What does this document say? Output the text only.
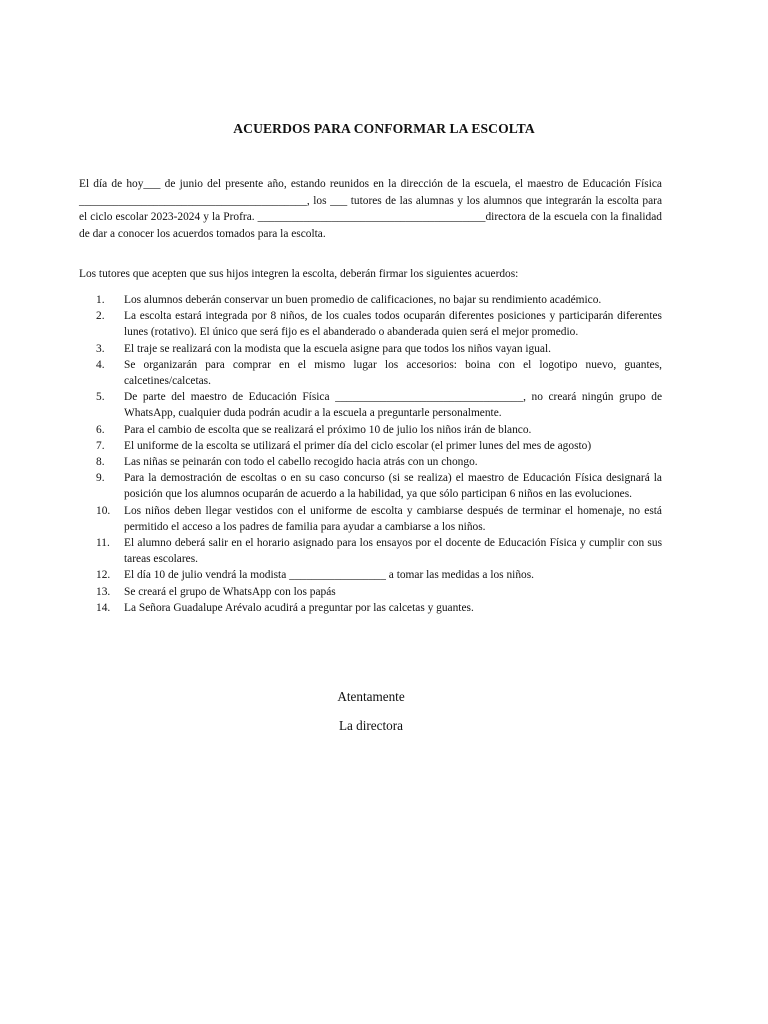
ACUERDOS PARA CONFORMAR LA ESCOLTA

El día de hoy___ de junio del presente año, estando reunidos en la dirección de la escuela, el maestro de Educación Física ________________________________________, los ___ tutores de las alumnas y los alumnos que integrarán la escolta para el ciclo escolar 2023-2024 y la Profra. ________________________________________directora de la escuela con la finalidad de dar a conocer los acuerdos tomados para la escolta.

Los tutores que acepten que sus hijos integren la escolta, deberán firmar los siguientes acuerdos:
1.	Los alumnos deberán conservar un buen promedio de calificaciones, no bajar su rendimiento académico.
2.	La escolta estará integrada por 8 niños, de los cuales todos ocuparán diferentes posiciones y participarán diferentes lunes (rotativo). El único que será fijo es el abanderado o abanderada quien será el mejor promedio.
3.	El traje se realizará con la modista que la escuela asigne para que todos los niños vayan igual.
4.	Se organizarán para comprar en el mismo lugar los accesorios: boina con el logotipo nuevo, guantes, calcetines/calcetas.
5.	De parte del maestro de Educación Física _________________________________, no creará ningún grupo de WhatsApp, cualquier duda podrán acudir a la escuela a preguntarle personalmente.
6.	Para el cambio de escolta que se realizará el próximo 10 de julio los niños irán de blanco.
7.	El uniforme de la escolta se utilizará el primer día del ciclo escolar (el primer lunes del mes de agosto)
8.	Las niñas se peinarán con todo el cabello recogido hacia atrás con un chongo.
9.	Para la demostración de escoltas o en su caso concurso (si se realiza) el maestro de Educación Física designará la posición que los alumnos ocuparán de acuerdo a la habilidad, ya que sólo participan 6 niños en las evoluciones.
10.	Los niños deben llegar vestidos con el uniforme de escolta y cambiarse después de terminar el homenaje, no está permitido el acceso a los padres de familia para ayudar a cambiarse a los niños.
11.	El alumno deberá salir en el horario asignado para los ensayos por el docente de Educación Física y cumplir con sus tareas escolares.
12.	El día 10 de julio vendrá la modista _________________ a tomar las medidas a los niños.
13.	Se creará el grupo de WhatsApp con los papás
14.	La Señora Guadalupe Arévalo acudirá a preguntar por las calcetas y guantes.
Atentamente
La directora
